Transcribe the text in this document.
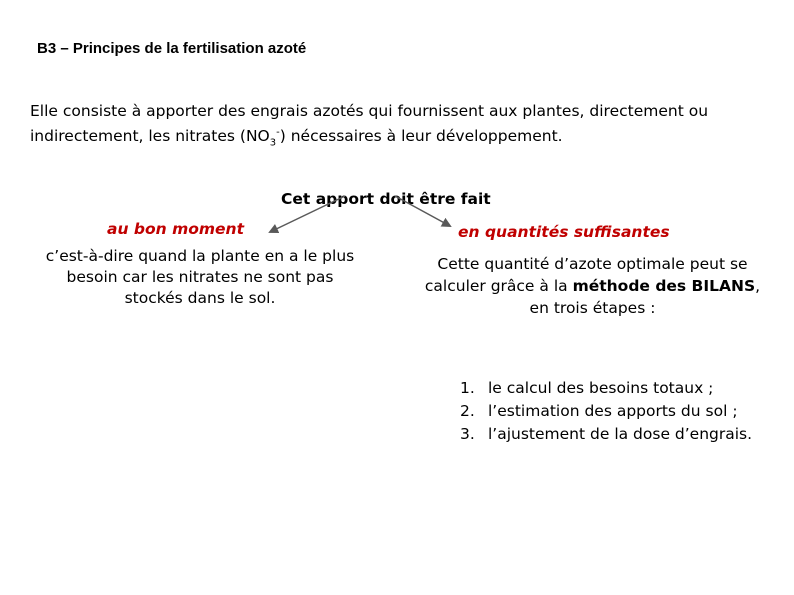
B3 – Principes de la fertilisation azoté
Elle consiste à apporter des engrais azotés qui fournissent aux plantes, directement ou indirectement, les nitrates $(NO_3^-)$ nécessaires à leur développement.
Cet apport doit être fait
au bon moment
c’est-à-dire quand la plante en a le plus besoin car les nitrates ne sont pas stockés dans le sol.
en quantités suffisantes
Cette quantité d’azote optimale peut se calculer grâce à la méthode des BILANS, en trois étapes :
1. le calcul des besoins totaux ;
2. l’estimation des apports du sol ;
3. l’ajustement de la dose d’engrais.
